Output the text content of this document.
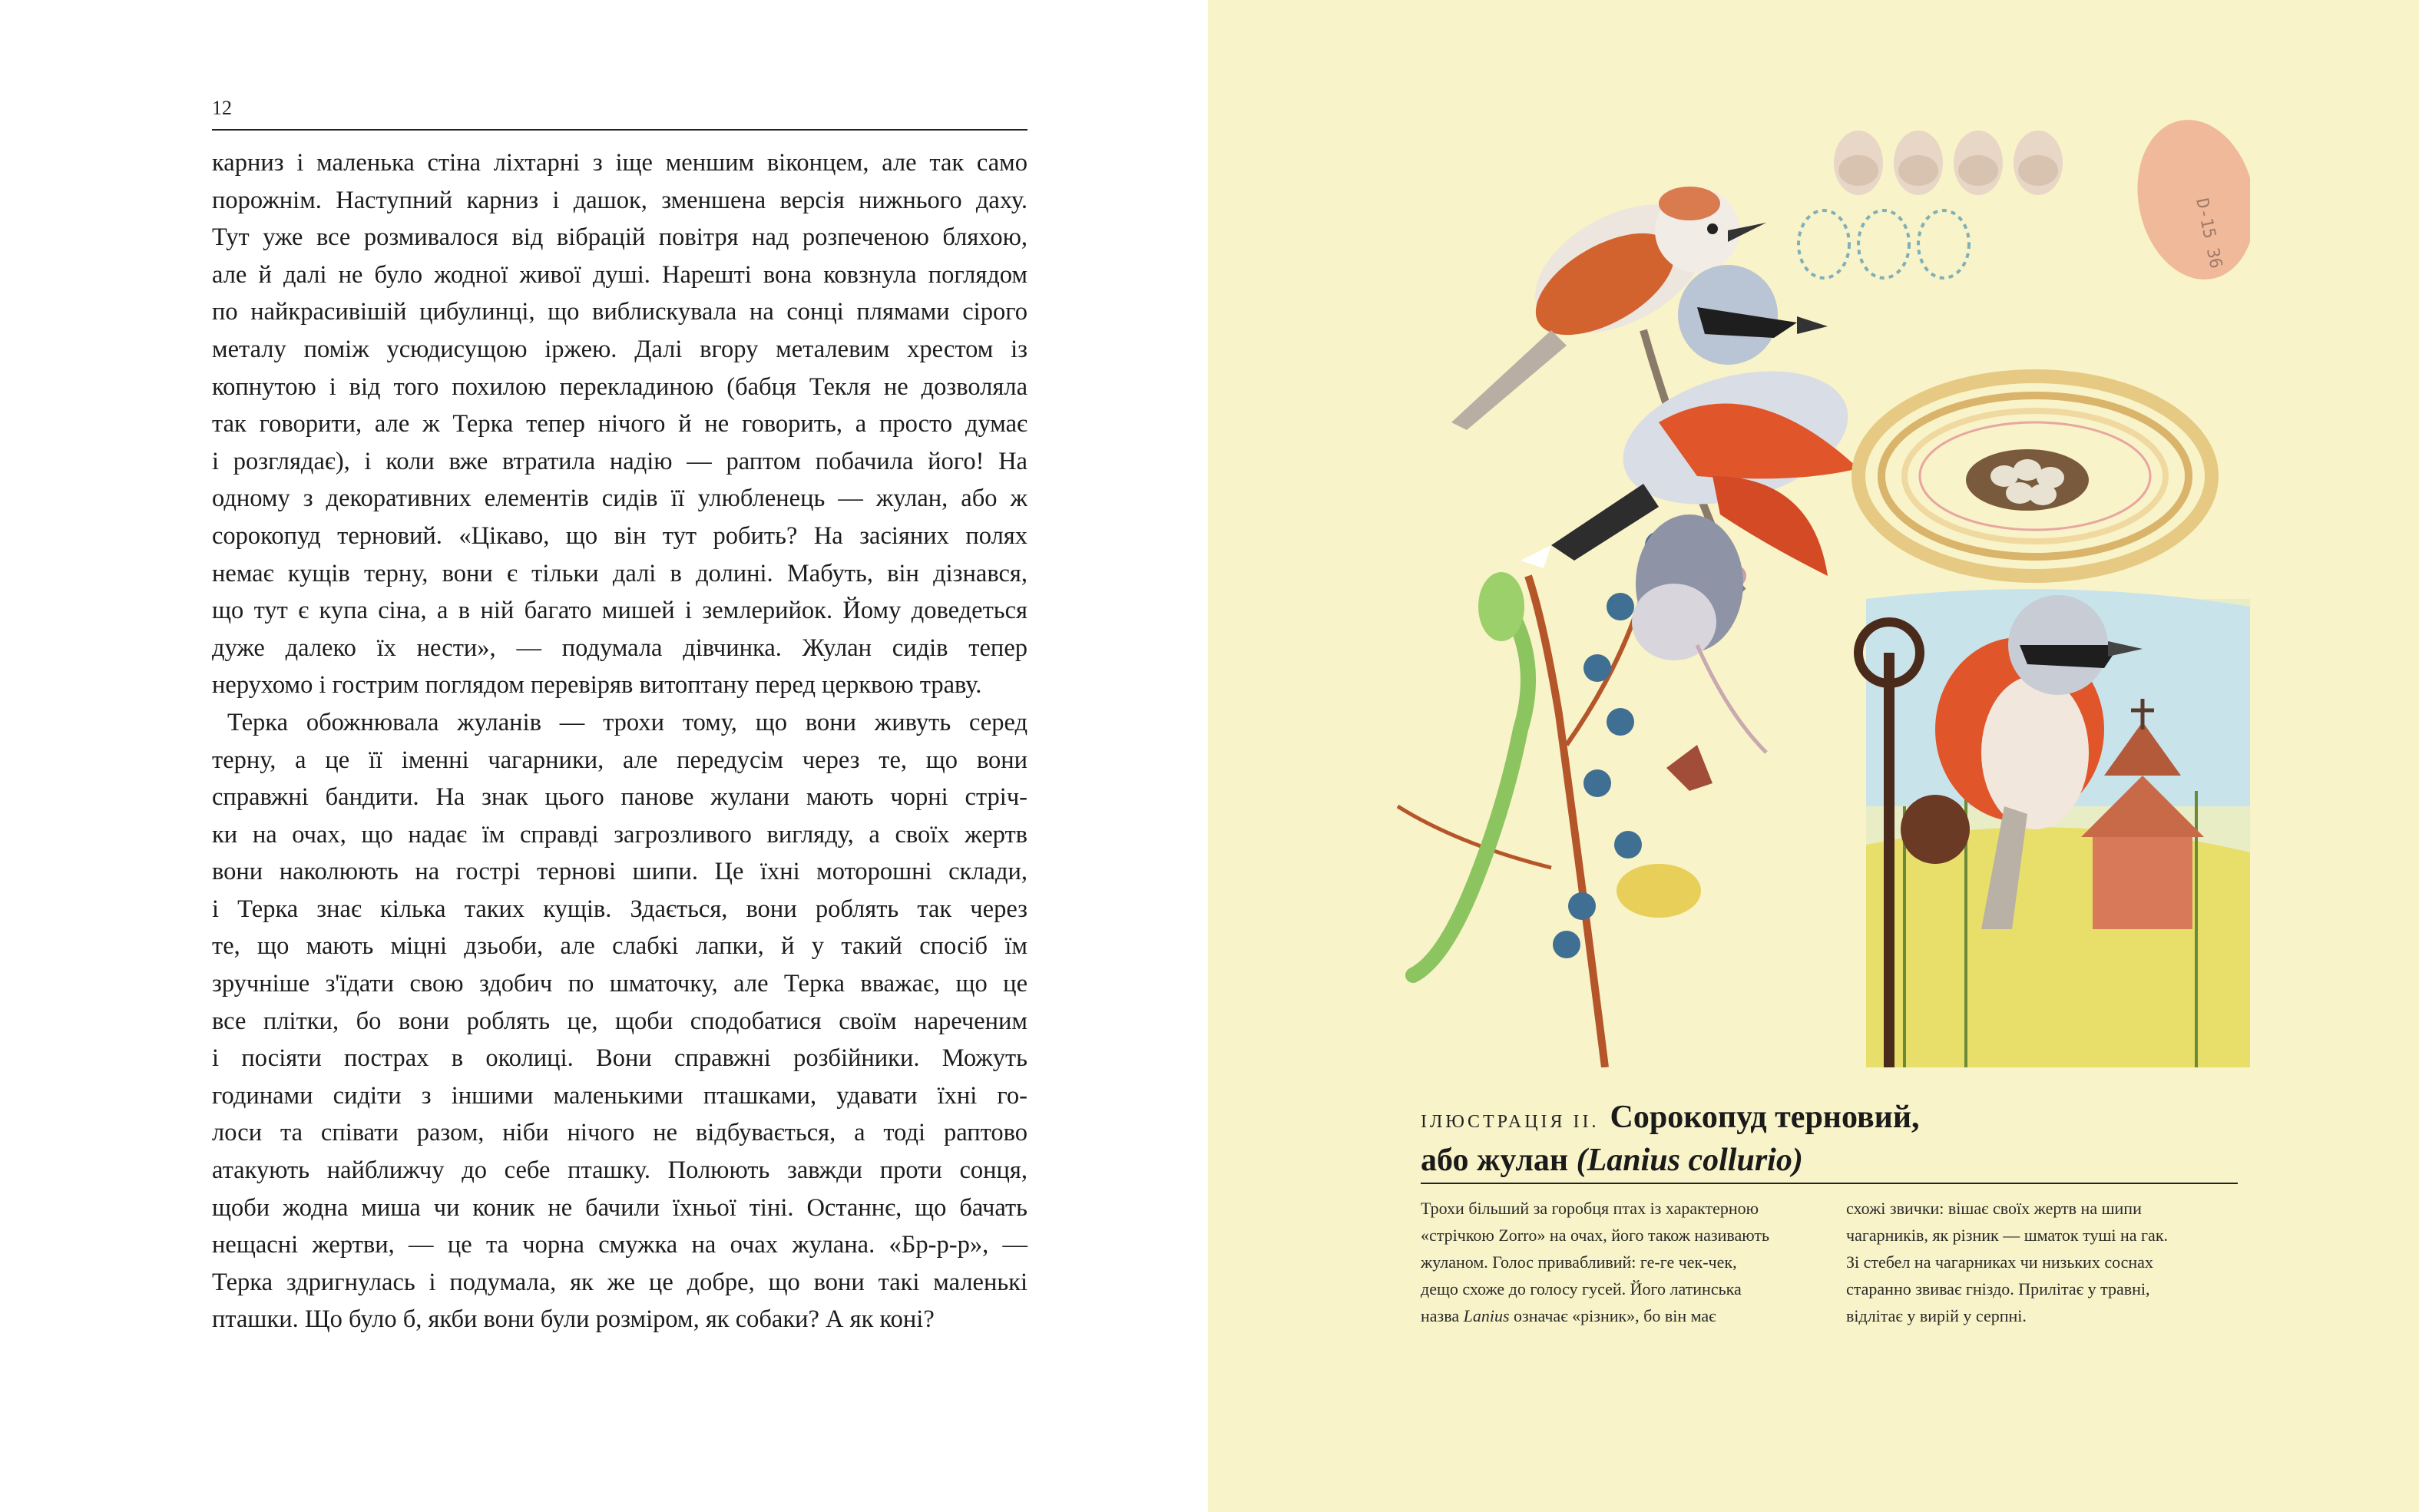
12
карниз і маленька стіна ліхтарні з іще меншим віконцем, але так само
порожнім. Наступний карниз і дашок, зменшена версія нижнього даху.
Тут уже все розмивалося від вібрацій повітря над розпеченою бляхою,
але й далі не було жодної живої душі. Нарешті вона ковзнула поглядом
по найкрасивішій цибулинці, що виблискувала на сонці плямами сірого
металу поміж усюдисущою іржею. Далі вгору металевим хрестом із
копнутою і від того похилою перекладиною (бабця Текля не дозволяла
так говорити, але ж Терка тепер нічого й не говорить, а просто думає
і розглядає), і коли вже втратила надію — раптом побачила його! На
одному з декоративних елементів сидів її улюбленець — жулан, або ж
сорокопуд терновий. «Цікаво, що він тут робить? На засіяних полях
немає кущів терну, вони є тільки далі в долині. Мабуть, він дізнався,
що тут є купа сіна, а в ній багато мишей і землерийок. Йому доведеться
дуже далеко їх нести», — подумала дівчинка. Жулан сидів тепер
нерухомо і гострим поглядом перевіряв витоптану перед церквою траву.
Терка обожнювала жуланів — трохи тому, що вони живуть серед
терну, а це її іменні чагарники, але передусім через те, що вони
справжні бандити. На знак цього панове жулани мають чорні стріч-
ки на очах, що надає їм справді загрозливого вигляду, а своїх жертв
вони наколюють на гострі тернові шипи. Це їхні моторошні склади,
і Терка знає кілька таких кущів. Здається, вони роблять так через
те, що мають міцні дзьоби, але слабкі лапки, й у такий спосіб їм
зручніше з'їдати свою здобич по шматочку, але Терка вважає, що це
все плітки, бо вони роблять це, щоби сподобатися своїм нареченим
і посіяти пострах в околиці. Вони справжні розбійники. Можуть
годинами сидіти з іншими маленькими пташками, удавати їхні го-
лоси та співати разом, ніби нічого не відбувається, а тоді раптово
атакують найближчу до себе пташку. Полюють завжди проти сонця,
щоби жодна миша чи коник не бачили їхньої тіні. Останнє, що бачать
нещасні жертви, — це та чорна смужка на очах жулана. «Бр-р-р», —
Терка здригнулась і подумала, як же це добре, що вони такі маленькі
пташки. Що було б, якби вони були розміром, як собаки? А як коні?
D-15 36
ІЛЮСТРАЦІЯ II. Сорокопуд терновий,
або жулан (Lanius collurio)
Трохи більший за горобця птах із характерною
«стрічкою Zorro» на очах, його також називають
жуланом. Голос привабливий: ге-ге чек-чек,
дещо схоже до голосу гусей. Його латинська
назва Lanius означає «різник», бо він має
схожі звички: вішає своїх жертв на шипи
чагарників, як різник — шматок туші на гак.
Зі стебел на чагарниках чи низьких соснах
старанно звиває гніздо. Прилітає у травні,
відлітає у вирій у серпні.
